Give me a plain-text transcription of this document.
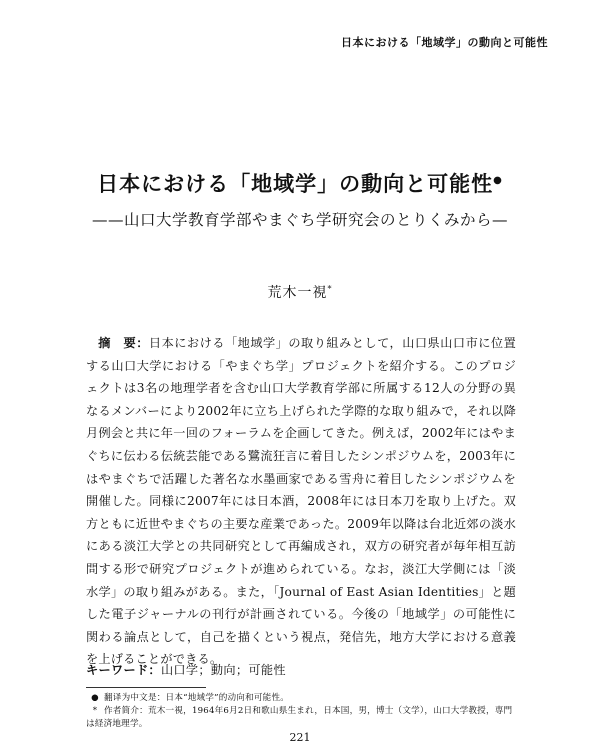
日本における「地域学」の動向と可能性
日本における「地域学」の動向と可能性●
——山口大学教育学部やまぐち学研究会のとりくみから—
荒木一視*

摘　要：日本における「地域学」の取り組みとして，山口県山口市に位置する山口大学における「やまぐち学」プロジェクトを紹介する。このプロジェクトは3名の地理学者を含む山口大学教育学部に所属する12人の分野の異なるメンバーにより2002年に立ち上げられた学際的な取り組みで，それ以降月例会と共に年一回のフォーラムを企画してきた。例えば，2002年にはやまぐちに伝わる伝統芸能である鷺流狂言に着目したシンポジウムを，2003年にはやまぐちで活躍した著名な水墨画家である雪舟に着目したシンポジウムを開催した。同様に2007年には日本酒，2008年には日本刀を取り上げた。双方ともに近世やまぐちの主要な産業であった。2009年以降は台北近郊の淡水にある淡江大学との共同研究として再編成され，双方の研究者が毎年相互訪問する形で研究プロジェクトが進められている。なお，淡江大学側には「淡水学」の取り組みがある。また，「Journal of East Asian Identities」と題した電子ジャーナルの刊行が計画されている。今後の「地域学」の可能性に関わる論点として，自己を描くという視点，発信先，地方大学における意義を上げることができる。

キーワード：山口学；動向；可能性

● 翻译为中文是：日本“地域学”的动向和可能性。

* 作者简介：荒木一視，1964年6月2日和歌山県生まれ，日本国，男，博士（文学），山口大学教授，専門は経済地理学。

221
